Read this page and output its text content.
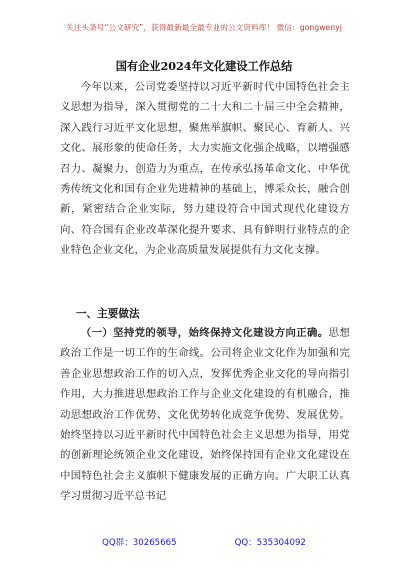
关注头条号“公文研究”，获得最新最全最专业的公文资料库！ 微信：gongwenyj
国有企业2024年文化建设工作总结
今年以来，公司党委坚持以习近平新时代中国特色社会主义思想为指导，深入贯彻党的二十大和二十届三中全会精神，深入践行习近平文化思想，聚焦举旗帜、聚民心、育新人、兴文化、展形象的使命任务，大力实施文化强企战略，以增强感召力、凝聚力、创造力为重点，在传承弘扬革命文化、中华优秀传统文化和国有企业先进精神的基础上，博采众长，融合创新，紧密结合企业实际，努力建设符合中国式现代化建设方向、符合国有企业改革深化提升要求、具有鲜明行业特点的企业特色企业文化，为企业高质量发展提供有力文化支撑。
一、主要做法
（一）坚持党的领导，始终保持文化建设方向正确。思想政治工作是一切工作的生命线。公司将企业文化作为加强和完善企业思想政治工作的切入点，发挥优秀企业文化的导向指引作用，大力推进思想政治工作与企业文化建设的有机融合，推动思想政治工作优势、文化优势转化成竞争优势、发展优势。始终坚持以习近平新时代中国特色社会主义思想为指导，用党的创新理论统领企业文化建设，始终保持国有企业文化建设在中国特色社会主义旗帜下健康发展的正确方向。广大职工认真学习贯彻习近平总书记
QQ群：30265665	QQ：535304092
